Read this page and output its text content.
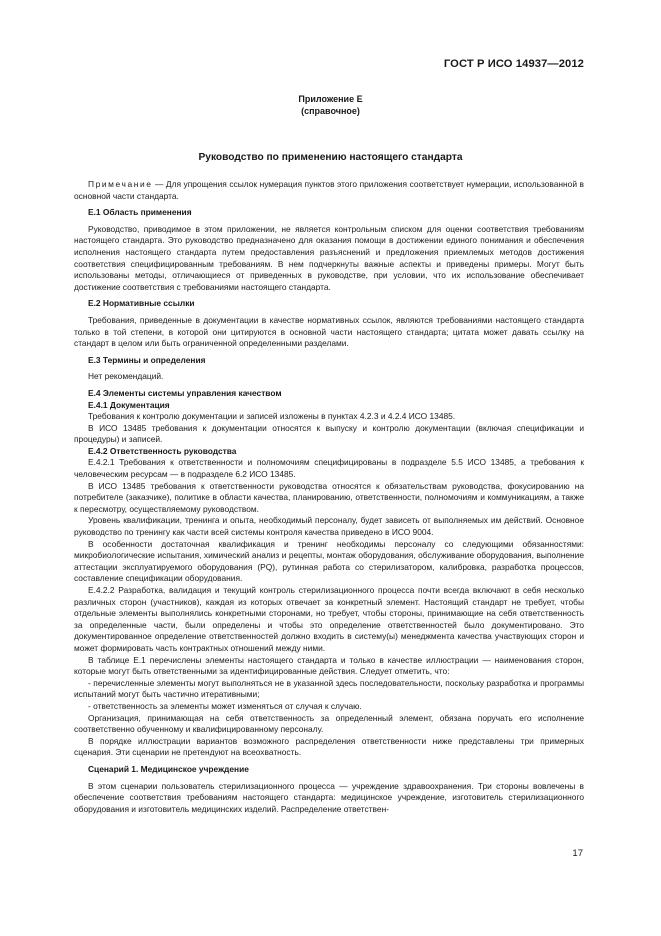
ГОСТ Р ИСО 14937—2012
Приложение Е
(справочное)
Руководство по применению настоящего стандарта

Примечание — Для упрощения ссылок нумерация пунктов этого приложения соответствует нумерации, использованной в основной части стандарта.

Е.1 Область применения

Руководство, приводимое в этом приложении, не является контрольным списком для оценки соответствия требованиям настоящего стандарта. Это руководство предназначено для оказания помощи в достижении единого понимания и обеспечения исполнения настоящего стандарта путем предоставления разъяснений и предложения приемлемых методов достижения соответствия специфицированным требованиям. В нем подчеркнуты важные аспекты и приведены примеры. Могут быть использованы методы, отличающиеся от приведенных в руководстве, при условии, что их использование обеспечивает достижение соответствия с требованиями настоящего стандарта.

Е.2 Нормативные ссылки

Требования, приведенные в документации в качестве нормативных ссылок, являются требованиями настоящего стандарта только в той степени, в которой они цитируются в основной части настоящего стандарта; цитата может давать ссылку на стандарт в целом или быть ограниченной определенными разделами.

Е.3 Термины и определения

Нет рекомендаций.

Е.4 Элементы системы управления качеством
Е.4.1 Документация

Требования к контролю документации и записей изложены в пунктах 4.2.3 и 4.2.4 ИСО 13485.

В ИСО 13485 требования к документации относятся к выпуску и контролю документации (включая спецификации и процедуры) и записей.

Е.4.2 Ответственность руководства

Е.4.2.1 Требования к ответственности и полномочиям специфицированы в подразделе 5.5 ИСО 13485, а требования к человеческим ресурсам — в подразделе 6.2 ИСО 13485.

В ИСО 13485 требования к ответственности руководства относятся к обязательствам руководства, фокусированию на потребителе (заказчике), политике в области качества, планированию, ответственности, полномочиям и коммуникациям, а также к пересмотру, осуществляемому руководством.

Уровень квалификации, тренинга и опыта, необходимый персоналу, будет зависеть от выполняемых им действий. Основное руководство по тренингу как части всей системы контроля качества приведено в ИСО 9004.

В особенности достаточная квалификация и тренинг необходимы персоналу со следующими обязанностями: микробиологические испытания, химический анализ и рецепты, монтаж оборудования, обслуживание оборудования, выполнение аттестации эксплуатируемого оборудования (PQ), рутинная работа со стерилизатором, калибровка, разработка процессов, составление спецификации оборудования.

Е.4.2.2 Разработка, валидация и текущий контроль стерилизационного процесса почти всегда включают в себя несколько различных сторон (участников), каждая из которых отвечает за конкретный элемент. Настоящий стандарт не требует, чтобы отдельные элементы выполнялись конкретными сторонами, но требует, чтобы стороны, принимающие на себя ответственность за определенные части, были определены и чтобы это определение ответственностей было документировано. Это документированное определение ответственностей должно входить в систему(ы) менеджмента качества участвующих сторон и может формировать часть контрактных отношений между ними.

В таблице Е.1 перечислены элементы настоящего стандарта и только в качестве иллюстрации — наименования сторон, которые могут быть ответственными за идентифицированные действия. Следует отметить, что:

- перечисленные элементы могут выполняться не в указанной здесь последовательности, поскольку разработка и программы испытаний могут быть частично итеративными;

- ответственность за элементы может изменяться от случая к случаю.

Организация, принимающая на себя ответственность за определенный элемент, обязана поручать его исполнение соответственно обученному и квалифицированному персоналу.

В порядке иллюстрации вариантов возможного распределения ответственности ниже представлены три примерных сценария. Эти сценарии не претендуют на всеохватность.

Сценарий 1. Медицинское учреждение

В этом сценарии пользователь стерилизационного процесса — учреждение здравоохранения. Три стороны вовлечены в обеспечение соответствия требованиям настоящего стандарта: медицинское учреждение, изготовитель стерилизационного оборудования и изготовитель медицинских изделий. Распределение ответствен-

17
